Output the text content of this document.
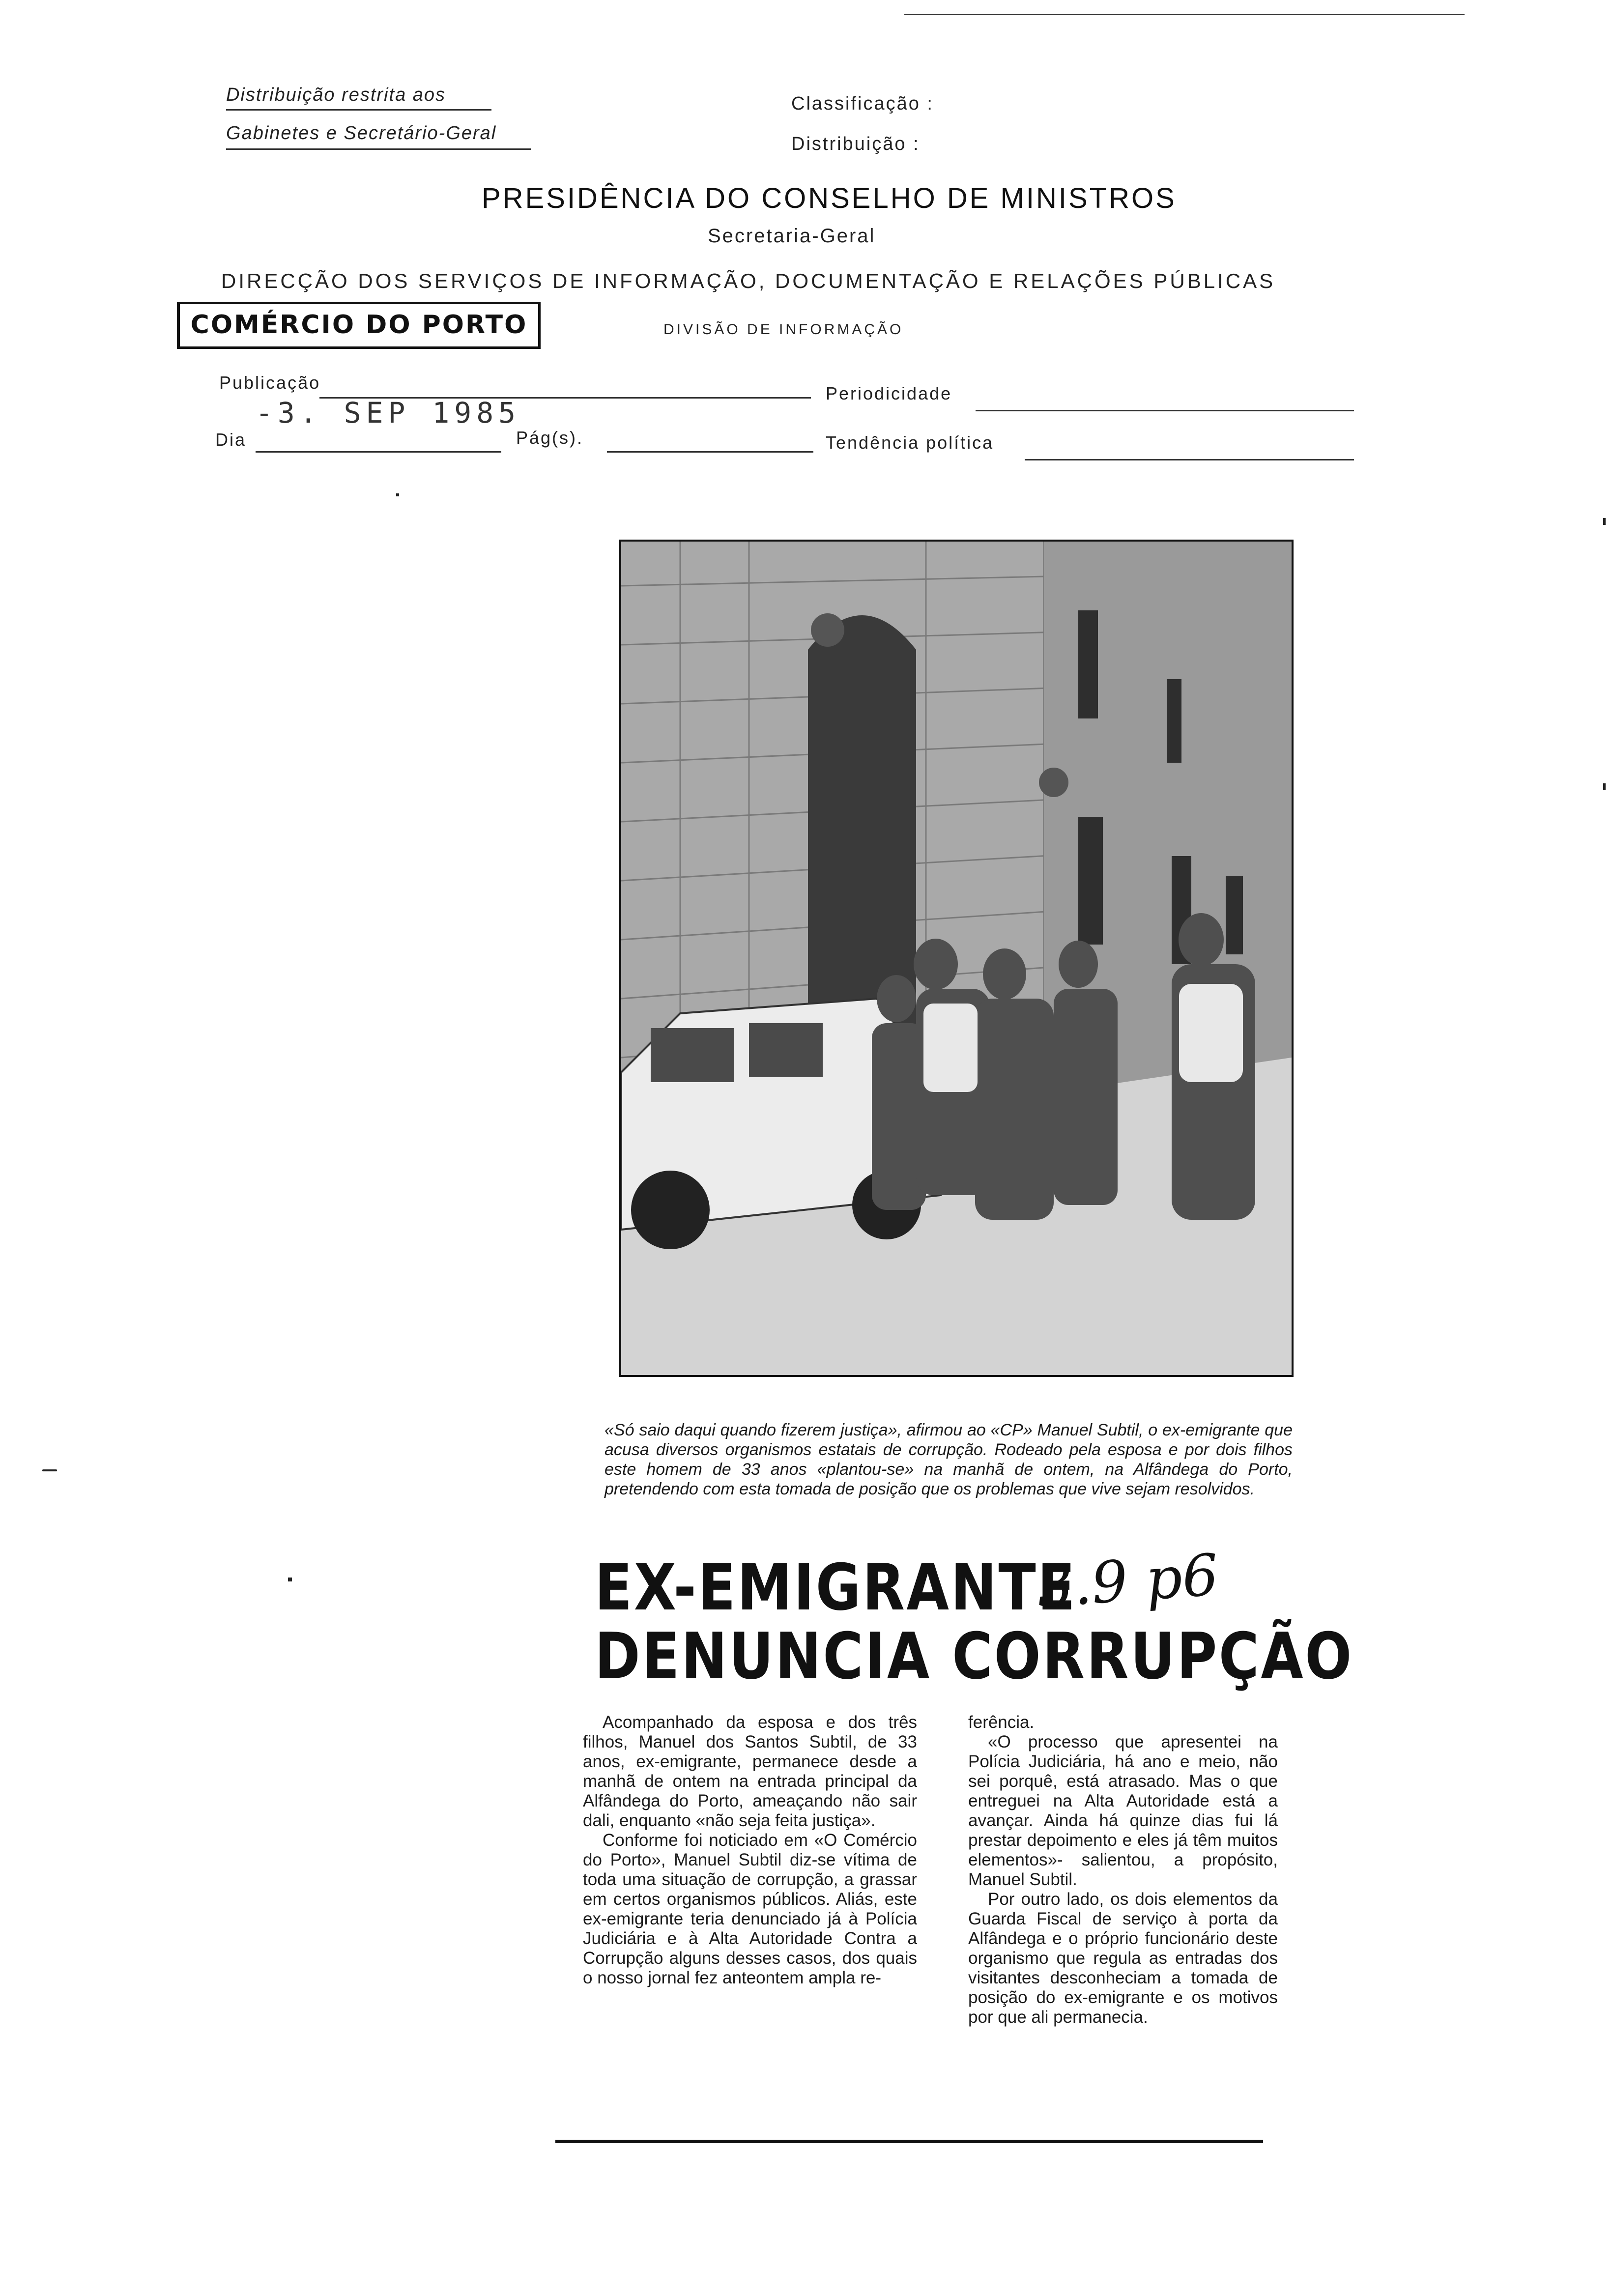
Distribuição restrita aos
Gabinetes e Secretário-Geral
Classificação :
Distribuição :
PRESIDÊNCIA DO CONSELHO DE MINISTROS
Secretaria-Geral
DIRECÇÃO DOS SERVIÇOS DE INFORMAÇÃO, DOCUMENTAÇÃO E RELAÇÕES PÚBLICAS
COMÉRCIO DO PORTO	DIVISÃO DE INFORMAÇÃO
Publicação
Periodicidade
-3. SEP 1985
Dia	Pág(s).	Tendência política
«Só saio daqui quando fizerem justiça», afirmou ao «CP» Manuel Subtil, o ex-emigrante que acusa diversos organismos estatais de corrupção. Rodeado pela esposa e por dois filhos este homem de 33 anos «plantou-se» na manhã de ontem, na Alfândega do Porto, pretendendo com esta tomada de posição que os problemas que vive sejam resolvidos.
EX-EMIGRANTE
DENUNCIA CORRUPÇÃO
3.9 p6

Acompanhado da esposa e dos três filhos, Manuel dos Santos Subtil, de 33 anos, ex-emigrante, permanece desde a manhã de ontem na entrada principal da Alfândega do Porto, ameaçando não sair dali, enquanto «não seja feita justiça».

Conforme foi noticiado em «O Comércio do Porto», Manuel Subtil diz-se vítima de toda uma situação de corrupção, a grassar em certos organismos públicos. Aliás, este ex-emigrante teria denunciado já à Polícia Judiciária e à Alta Autoridade Contra a Corrupção alguns desses casos, dos quais o nosso jornal fez anteontem ampla re-

ferência.

«O processo que apresentei na Polícia Judiciária, há ano e meio, não sei porquê, está atrasado. Mas o que entreguei na Alta Autoridade está a avançar. Ainda há quinze dias fui lá prestar depoimento e eles já têm muitos elementos»- salientou, a propósito, Manuel Subtil.

Por outro lado, os dois elementos da Guarda Fiscal de serviço à porta da Alfândega e o próprio funcionário deste organismo que regula as entradas dos visitantes desconheciam a tomada de posição do ex-emigrante e os motivos por que ali permanecia.
